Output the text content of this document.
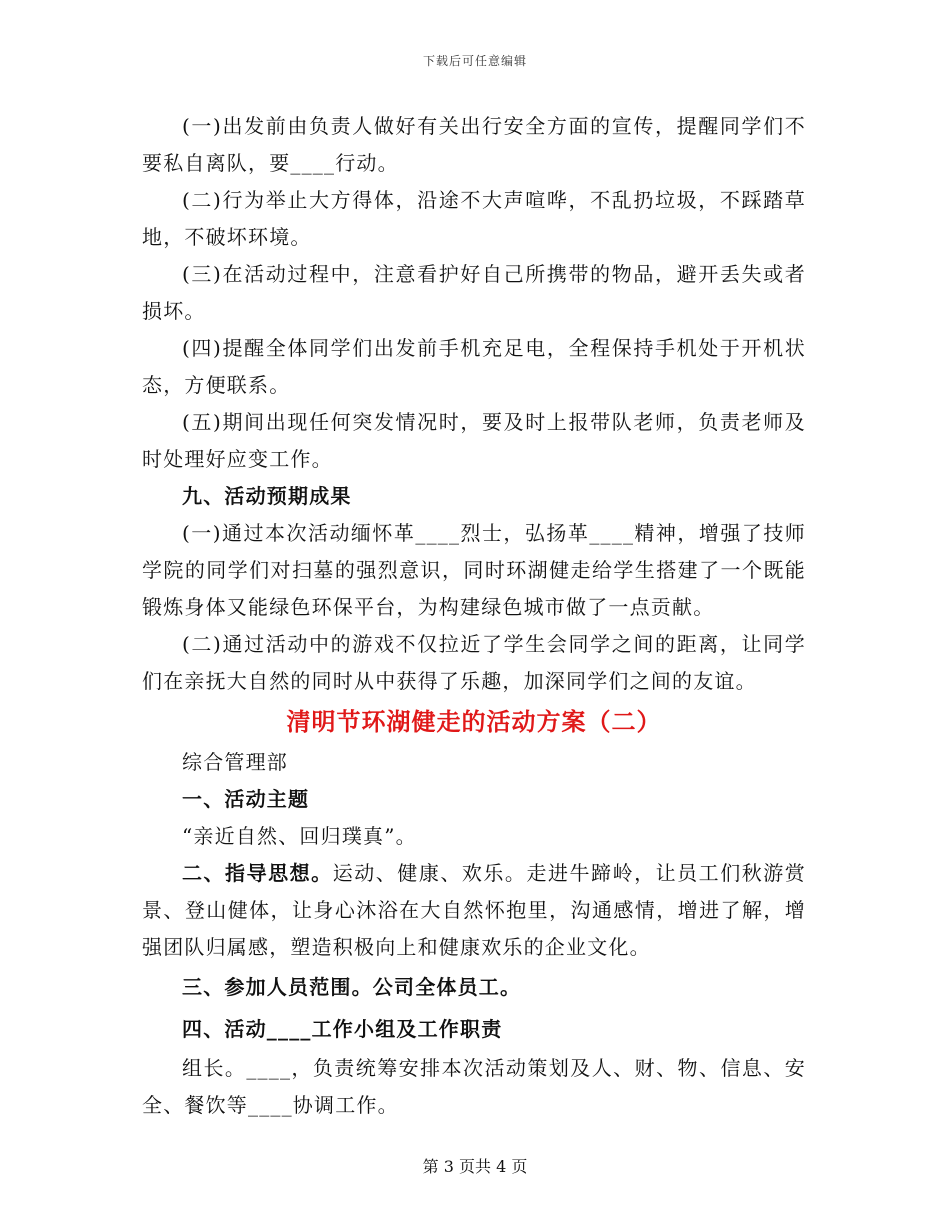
下载后可任意编辑

(一)出发前由负责人做好有关出行安全方面的宣传，提醒同学们不要私自离队，要____行动。

(二)行为举止大方得体，沿途不大声喧哗，不乱扔垃圾，不踩踏草地，不破坏环境。

(三)在活动过程中，注意看护好自己所携带的物品，避开丢失或者损坏。

(四)提醒全体同学们出发前手机充足电，全程保持手机处于开机状态，方便联系。

(五)期间出现任何突发情况时，要及时上报带队老师，负责老师及时处理好应变工作。

九、活动预期成果

(一)通过本次活动缅怀革____烈士，弘扬革____精神，增强了技师学院的同学们对扫墓的强烈意识，同时环湖健走给学生搭建了一个既能锻炼身体又能绿色环保平台，为构建绿色城市做了一点贡献。

(二)通过活动中的游戏不仅拉近了学生会同学之间的距离，让同学们在亲抚大自然的同时从中获得了乐趣，加深同学们之间的友谊。

清明节环湖健走的活动方案（二）

综合管理部

一、活动主题

“亲近自然、回归璞真”。

二、指导思想。运动、健康、欢乐。走进牛蹄岭，让员工们秋游赏景、登山健体，让身心沐浴在大自然怀抱里，沟通感情，增进了解，增强团队归属感，塑造积极向上和健康欢乐的企业文化。

三、参加人员范围。公司全体员工。

四、活动____工作小组及工作职责

组长。____，负责统筹安排本次活动策划及人、财、物、信息、安全、餐饮等____协调工作。

第 3 页共 4 页
